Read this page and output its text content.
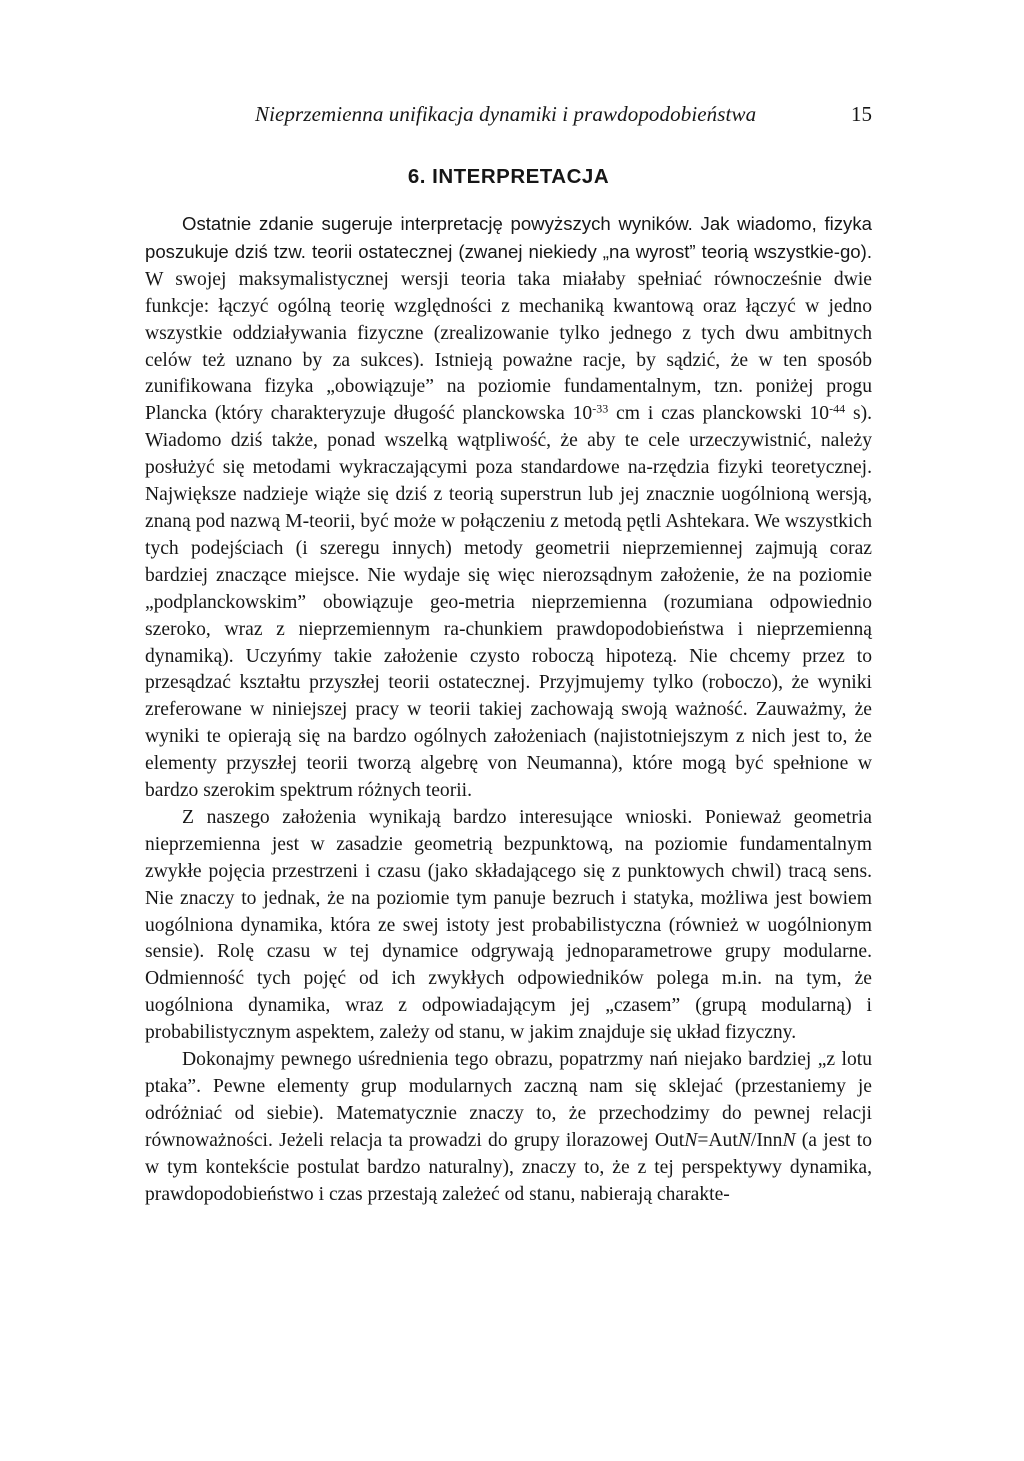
Nieprzemienna unifikacja dynamiki i prawdopodobieństwa	15
6. INTERPRETACJA

Ostatnie zdanie sugeruje interpretację powyższych wyników. Jak wiadomo, fizyka poszukuje dziś tzw. teorii ostatecznej (zwanej niekiedy „na wyrost” teorią wszystkie-go). W swojej maksymalistycznej wersji teoria taka miałaby spełniać równocześnie dwie funkcje: łączyć ogólną teorię względności z mechaniką kwantową oraz łączyć w jedno wszystkie oddziaływania fizyczne (zrealizowanie tylko jednego z tych dwu ambitnych celów też uznano by za sukces). Istnieją poważne racje, by sądzić, że w ten sposób zunifikowana fizyka „obowiązuje” na poziomie fundamentalnym, tzn. poniżej progu Plancka (który charakteryzuje długość planckowska $10^{-33}$ cm i czas planckowski $10^{-44}$ s). Wiadomo dziś także, ponad wszelką wątpliwość, że aby te cele urzeczywistnić, należy posłużyć się metodami wykraczającymi poza standardowe na-rzędzia fizyki teoretycznej. Największe nadzieje wiąże się dziś z teorią superstrun lub jej znacznie uogólnioną wersją, znaną pod nazwą M-teorii, być może w połączeniu z metodą pętli Ashtekara. We wszystkich tych podejściach (i szeregu innych) metody geometrii nieprzemiennej zajmują coraz bardziej znaczące miejsce. Nie wydaje się więc nierozsądnym założenie, że na poziomie „podplanckowskim” obowiązuje geo-metria nieprzemienna (rozumiana odpowiednio szeroko, wraz z nieprzemiennym ra-chunkiem prawdopodobieństwa i nieprzemienną dynamiką). Uczyńmy takie założenie czysto roboczą hipotezą. Nie chcemy przez to przesądzać kształtu przyszłej teorii ostatecznej. Przyjmujemy tylko (roboczo), że wyniki zreferowane w niniejszej pracy w teorii takiej zachowają swoją ważność. Zauważmy, że wyniki te opierają się na bardzo ogólnych założeniach (najistotniejszym z nich jest to, że elementy przyszłej teorii tworzą algebrę von Neumanna), które mogą być spełnione w bardzo szerokim spektrum różnych teorii.

Z naszego założenia wynikają bardzo interesujące wnioski. Ponieważ geometria nieprzemienna jest w zasadzie geometrią bezpunktową, na poziomie fundamentalnym zwykłe pojęcia przestrzeni i czasu (jako składającego się z punktowych chwil) tracą sens. Nie znaczy to jednak, że na poziomie tym panuje bezruch i statyka, możliwa jest bowiem uogólniona dynamika, która ze swej istoty jest probabilistyczna (również w uogólnionym sensie). Rolę czasu w tej dynamice odgrywają jednoparametrowe grupy modularne. Odmienność tych pojęć od ich zwykłych odpowiedników polega m.in. na tym, że uogólniona dynamika, wraz z odpowiadającym jej „czasem” (grupą modularną) i probabilistycznym aspektem, zależy od stanu, w jakim znajduje się układ fizyczny.

Dokonajmy pewnego uśrednienia tego obrazu, popatrzmy nań niejako bardziej „z lotu ptaka”. Pewne elementy grup modularnych zaczną nam się sklejać (przestaniemy je odróżniać od siebie). Matematycznie znaczy to, że przechodzimy do pewnej relacji równoważności. Jeżeli relacja ta prowadzi do grupy ilorazowej OutN=AutN/InnN (a jest to w tym kontekście postulat bardzo naturalny), znaczy to, że z tej perspektywy dynamika, prawdopodobieństwo i czas przestają zależeć od stanu, nabierają charakte-
